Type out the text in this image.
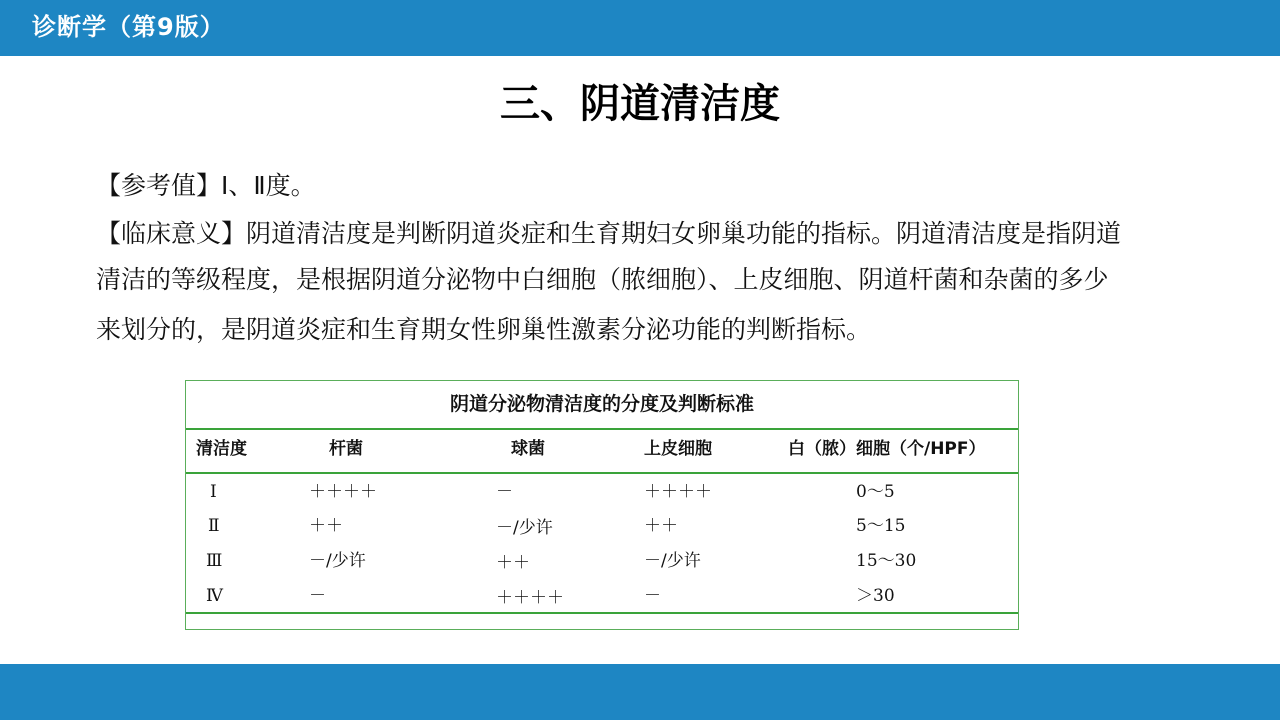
诊断学（第9版）
三、阴道清洁度
【参考值】Ⅰ、Ⅱ度。
【临床意义】阴道清洁度是判断阴道炎症和生育期妇女卵巢功能的指标。阴道清洁度是指阴道
清洁的等级程度，是根据阴道分泌物中白细胞（脓细胞）、上皮细胞、阴道杆菌和杂菌的多少
来划分的，是阴道炎症和生育期女性卵巢性激素分泌功能的判断指标。
阴道分泌物清洁度的分度及判断标准
清洁度	杆菌	球菌	上皮细胞	白（脓）细胞（个/HPF）
Ⅰ	＋＋＋＋	－	＋＋＋＋	0～5
Ⅱ	＋＋	－/少许	＋＋	5～15
Ⅲ	－/少许	＋＋	－/少许	15～30
Ⅳ	－	＋＋＋＋	－	＞30
